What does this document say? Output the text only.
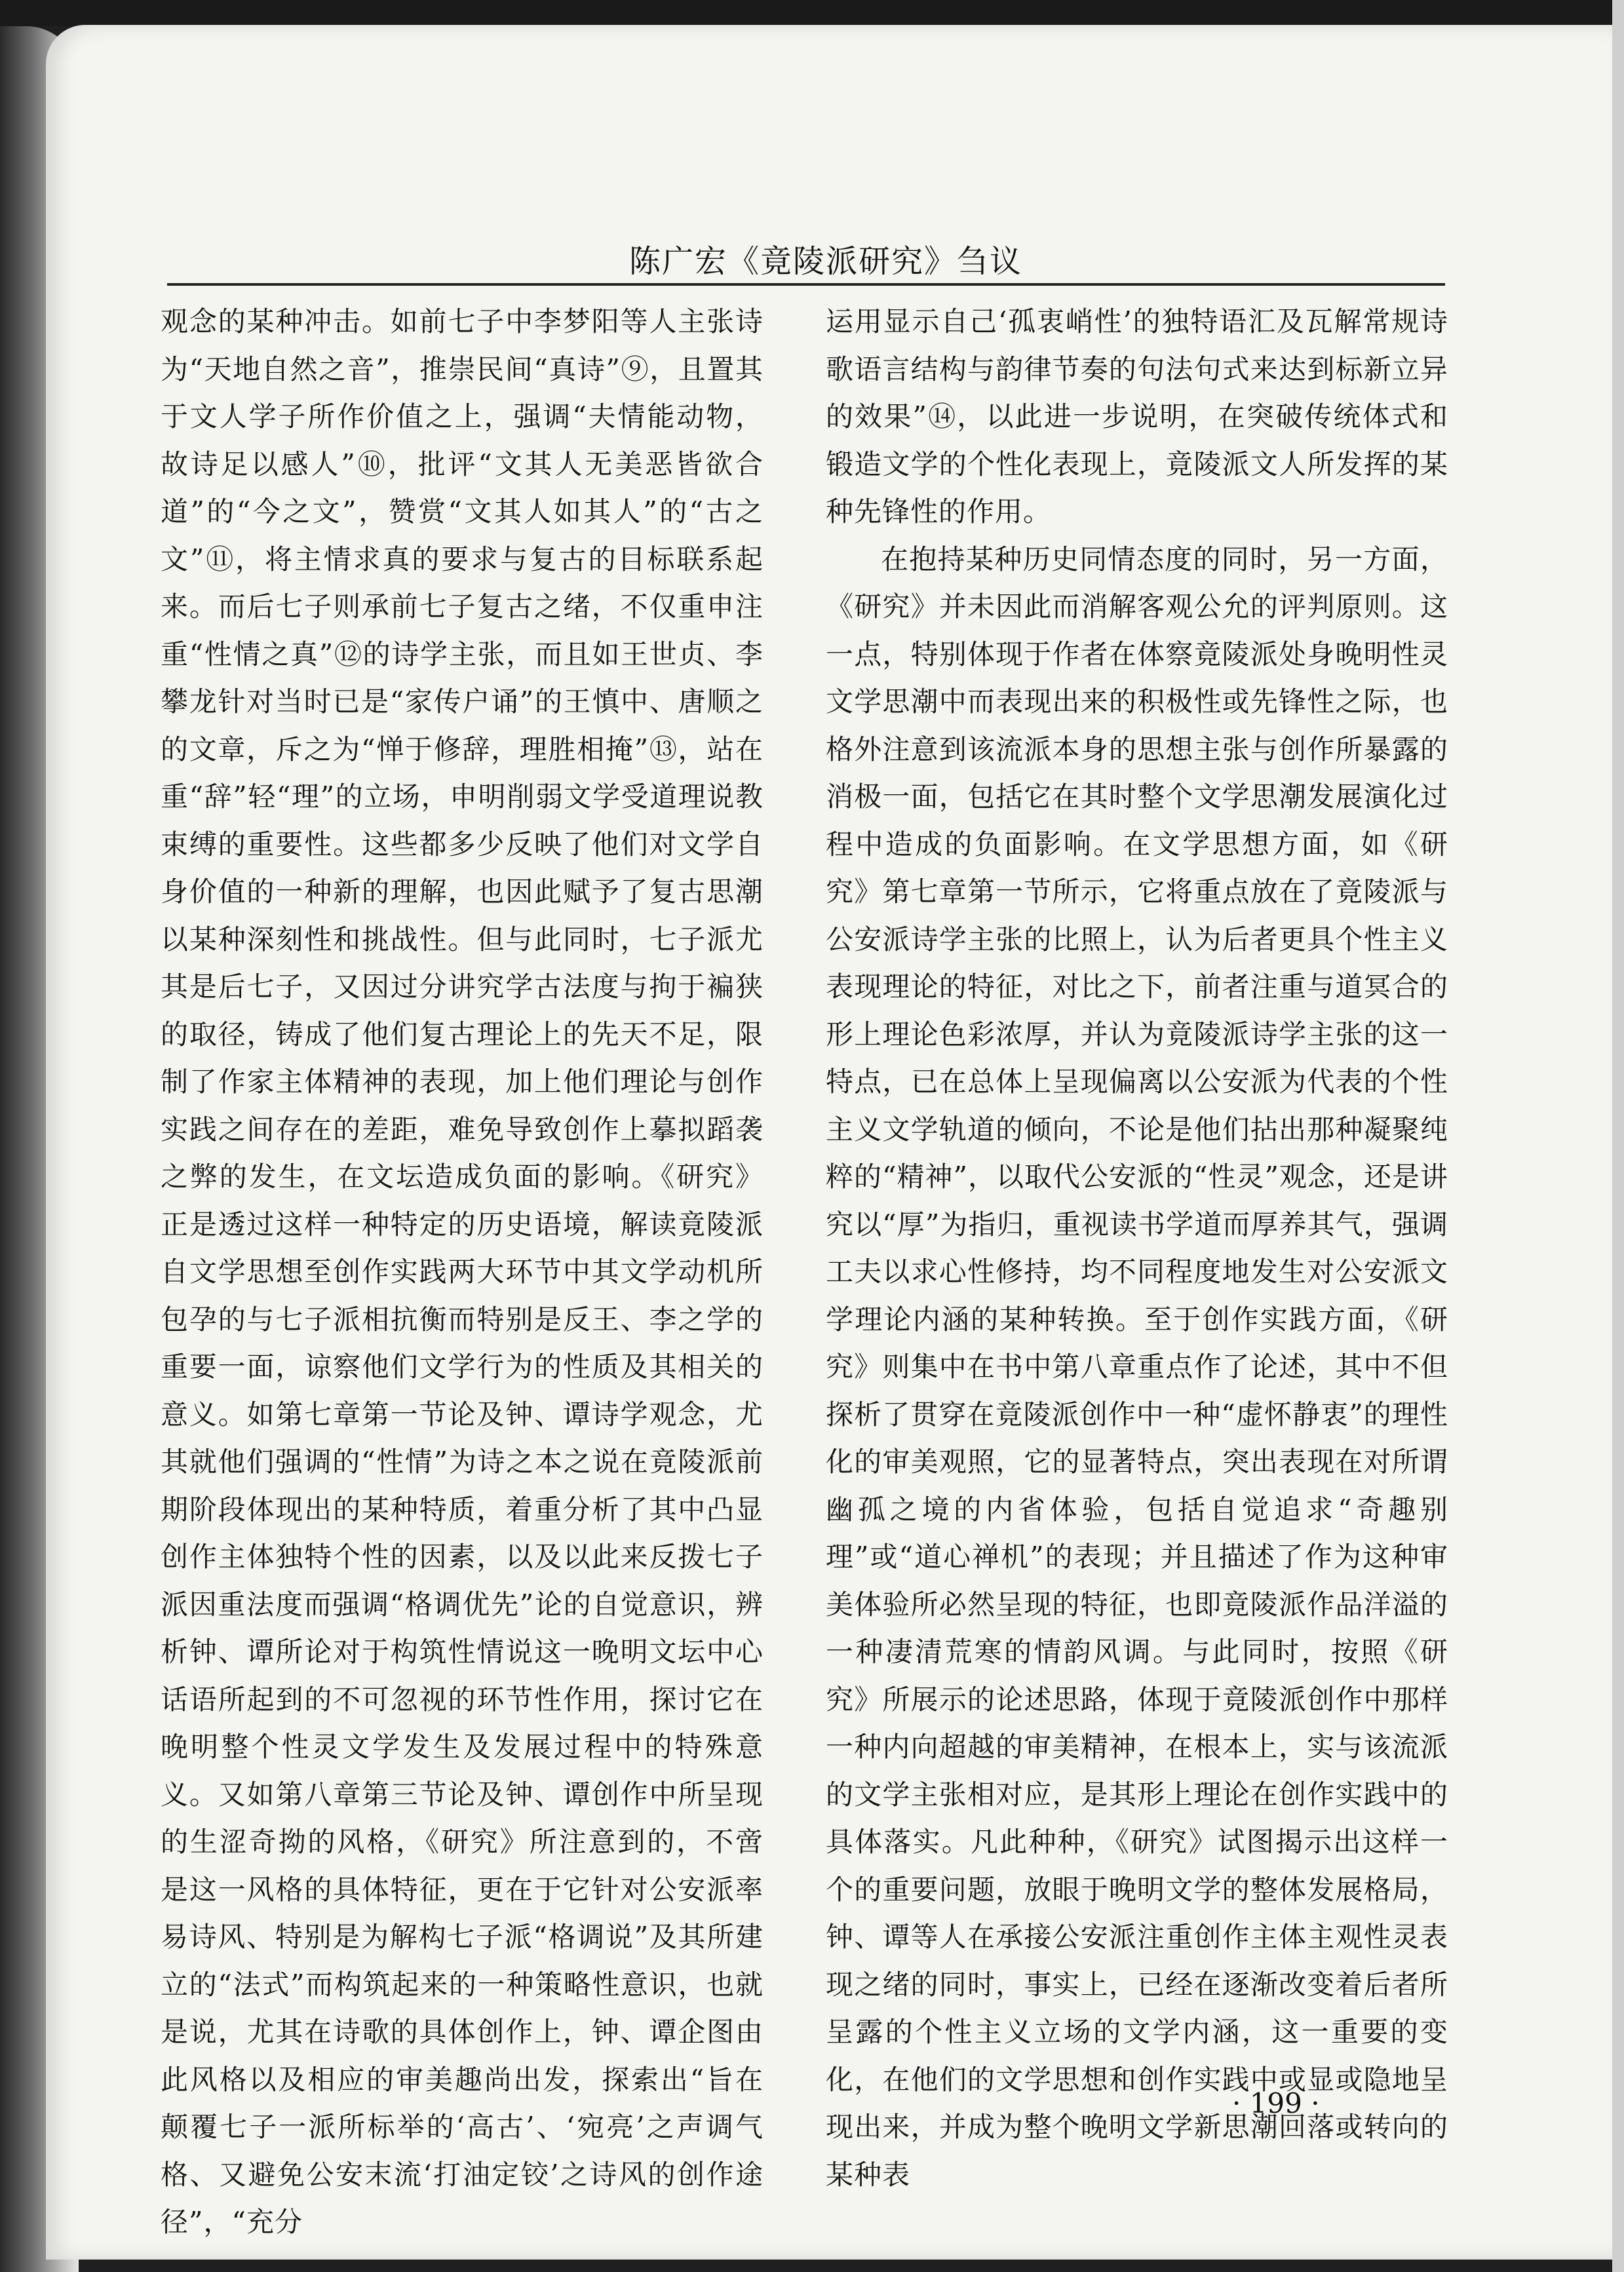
陈广宏《竟陵派研究》刍议

观念的某种冲击。如前七子中李梦阳等人主张诗为“天地自然之音”，推崇民间“真诗”⑨，且置其于文人学子所作价值之上，强调“夫情能动物，故诗足以感人”⑩，批评“文其人无美恶皆欲合道”的“今之文”，赞赏“文其人如其人”的“古之文”⑪，将主情求真的要求与复古的目标联系起来。而后七子则承前七子复古之绪，不仅重申注重“性情之真”⑫的诗学主张，而且如王世贞、李攀龙针对当时已是“家传户诵”的王慎中、唐顺之的文章，斥之为“惮于修辞，理胜相掩”⑬，站在重“辞”轻“理”的立场，申明削弱文学受道理说教束缚的重要性。这些都多少反映了他们对文学自身价值的一种新的理解，也因此赋予了复古思潮以某种深刻性和挑战性。但与此同时，七子派尤其是后七子，又因过分讲究学古法度与拘于褊狭的取径，铸成了他们复古理论上的先天不足，限制了作家主体精神的表现，加上他们理论与创作实践之间存在的差距，难免导致创作上摹拟蹈袭之弊的发生，在文坛造成负面的影响。《研究》正是透过这样一种特定的历史语境，解读竟陵派自文学思想至创作实践两大环节中其文学动机所包孕的与七子派相抗衡而特别是反王、李之学的重要一面，谅察他们文学行为的性质及其相关的意义。如第七章第一节论及钟、谭诗学观念，尤其就他们强调的“性情”为诗之本之说在竟陵派前期阶段体现出的某种特质，着重分析了其中凸显创作主体独特个性的因素，以及以此来反拨七子派因重法度而强调“格调优先”论的自觉意识，辨析钟、谭所论对于构筑性情说这一晚明文坛中心话语所起到的不可忽视的环节性作用，探讨它在晚明整个性灵文学发生及发展过程中的特殊意义。又如第八章第三节论及钟、谭创作中所呈现的生涩奇拗的风格，《研究》所注意到的，不啻是这一风格的具体特征，更在于它针对公安派率易诗风、特别是为解构七子派“格调说”及其所建立的“法式”而构筑起来的一种策略性意识，也就是说，尤其在诗歌的具体创作上，钟、谭企图由此风格以及相应的审美趣尚出发，探索出“旨在颠覆七子一派所标举的‘高古’、‘宛亮’之声调气格、又避免公安末流‘打油定铰’之诗风的创作途径”，“充分

运用显示自己‘孤衷峭性’的独特语汇及瓦解常规诗歌语言结构与韵律节奏的句法句式来达到标新立异的效果”⑭，以此进一步说明，在突破传统体式和锻造文学的个性化表现上，竟陵派文人所发挥的某种先锋性的作用。

在抱持某种历史同情态度的同时，另一方面，《研究》并未因此而消解客观公允的评判原则。这一点，特别体现于作者在体察竟陵派处身晚明性灵文学思潮中而表现出来的积极性或先锋性之际，也格外注意到该流派本身的思想主张与创作所暴露的消极一面，包括它在其时整个文学思潮发展演化过程中造成的负面影响。在文学思想方面，如《研究》第七章第一节所示，它将重点放在了竟陵派与公安派诗学主张的比照上，认为后者更具个性主义表现理论的特征，对比之下，前者注重与道冥合的形上理论色彩浓厚，并认为竟陵派诗学主张的这一特点，已在总体上呈现偏离以公安派为代表的个性主义文学轨道的倾向，不论是他们拈出那种凝聚纯粹的“精神”，以取代公安派的“性灵”观念，还是讲究以“厚”为指归，重视读书学道而厚养其气，强调工夫以求心性修持，均不同程度地发生对公安派文学理论内涵的某种转换。至于创作实践方面，《研究》则集中在书中第八章重点作了论述，其中不但探析了贯穿在竟陵派创作中一种“虚怀静衷”的理性化的审美观照，它的显著特点，突出表现在对所谓幽孤之境的内省体验，包括自觉追求“奇趣别理”或“道心禅机”的表现；并且描述了作为这种审美体验所必然呈现的特征，也即竟陵派作品洋溢的一种凄清荒寒的情韵风调。与此同时，按照《研究》所展示的论述思路，体现于竟陵派创作中那样一种内向超越的审美精神，在根本上，实与该流派的文学主张相对应，是其形上理论在创作实践中的具体落实。凡此种种，《研究》试图揭示出这样一个的重要问题，放眼于晚明文学的整体发展格局，钟、谭等人在承接公安派注重创作主体主观性灵表现之绪的同时，事实上，已经在逐渐改变着后者所呈露的个性主义立场的文学内涵，这一重要的变化，在他们的文学思想和创作实践中或显或隐地呈现出来，并成为整个晚明文学新思潮回落或转向的某种表

· 199 ·
